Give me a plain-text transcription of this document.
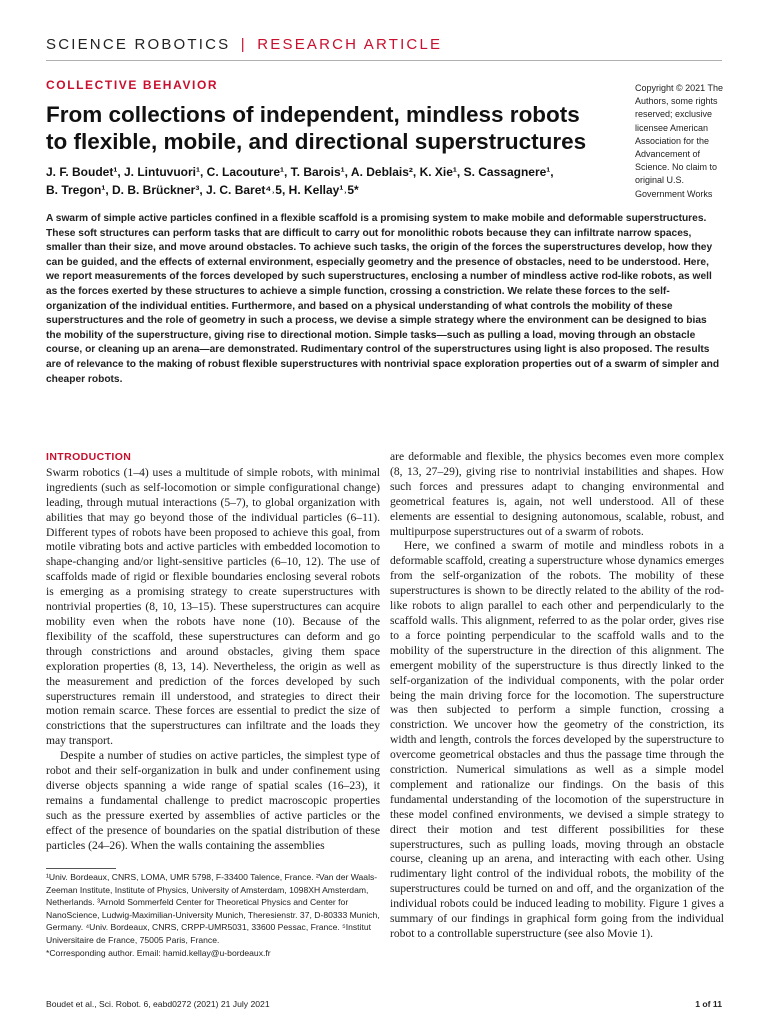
SCIENCE ROBOTICS | RESEARCH ARTICLE
COLLECTIVE BEHAVIOR
From collections of independent, mindless robots to flexible, mobile, and directional superstructures
J. F. Boudet¹, J. Lintuvuori¹, C. Lacouture¹, T. Barois¹, A. Deblais², K. Xie¹, S. Cassagnere¹,
B. Tregon¹, D. B. Brückner³, J. C. Baret⁴˒5, H. Kellay¹˒5*
Copyright © 2021 The Authors, some rights reserved; exclusive licensee American Association for the Advancement of Science. No claim to original U.S. Government Works

A swarm of simple active particles confined in a flexible scaffold is a promising system to make mobile and deformable superstructures. These soft structures can perform tasks that are difficult to carry out for monolithic robots because they can infiltrate narrow spaces, smaller than their size, and move around obstacles. To achieve such tasks, the origin of the forces the superstructures develop, how they can be guided, and the effects of external environment, especially geometry and the presence of obstacles, need to be understood. Here, we report measurements of the forces developed by such superstructures, enclosing a number of mindless active rod-like robots, as well as the forces exerted by these structures to achieve a simple function, crossing a constriction. We relate these forces to the self-organization of the individual entities. Furthermore, and based on a physical understanding of what controls the mobility of these superstructures and the role of geometry in such a process, we devise a simple strategy where the environment can be designed to bias the mobility of the superstructure, giving rise to directional motion. Simple tasks—such as pulling a load, moving through an obstacle course, or cleaning up an arena—are demonstrated. Rudimentary control of the superstructures using light is also proposed. The results are of relevance to the making of robust flexible superstructures with nontrivial space exploration properties out of a swarm of simpler and cheaper robots.

INTRODUCTION

Swarm robotics (1–4) uses a multitude of simple robots, with minimal ingredients (such as self-locomotion or simple configurational change) leading, through mutual interactions (5–7), to global organization with abilities that may go beyond those of the individual particles (6–11). Different types of robots have been proposed to achieve this goal, from motile vibrating bots and active particles with embedded locomotion to shape-changing and/or light-sensitive particles (6–10, 12). The use of scaffolds made of rigid or flexible boundaries enclosing several robots is emerging as a promising strategy to create superstructures with nontrivial properties (8, 10, 13–15). These superstructures can acquire mobility even when the robots have none (10). Because of the flexibility of the scaffold, these superstructures can deform and go through constrictions and around obstacles, giving them space exploration properties (8, 13, 14). Nevertheless, the origin as well as the measurement and prediction of the forces developed by such superstructures remain ill understood, and strategies to direct their motion remain scarce. These forces are essential to predict the size of constrictions that the superstructures can infiltrate and the loads they may transport.

Despite a number of studies on active particles, the simplest type of robot and their self-organization in bulk and under confinement using diverse objects spanning a wide range of spatial scales (16–23), it remains a fundamental challenge to predict macroscopic properties such as the pressure exerted by assemblies of active particles or the effect of the presence of boundaries on the spatial distribution of these particles (24–26). When the walls containing the assemblies

are deformable and flexible, the physics becomes even more complex (8, 13, 27–29), giving rise to nontrivial instabilities and shapes. How such forces and pressures adapt to changing environmental and geometrical features is, again, not well understood. All of these elements are essential to designing autonomous, scalable, robust, and multipurpose superstructures out of a swarm of robots.

Here, we confined a swarm of motile and mindless robots in a deformable scaffold, creating a superstructure whose dynamics emerges from the self-organization of the robots. The mobility of these superstructures is shown to be directly related to the ability of the rod-like robots to align parallel to each other and perpendicularly to the scaffold walls. This alignment, referred to as the polar order, gives rise to a force pointing perpendicular to the scaffold walls and to the mobility of the superstructure in the direction of this alignment. The emergent mobility of the superstructure is thus directly linked to the self-organization of the individual components, with the polar order being the main driving force for the locomotion. The superstructure was then subjected to perform a simple function, crossing a constriction. We uncover how the geometry of the constriction, its width and length, controls the forces developed by the superstructure to overcome geometrical obstacles and thus the passage time through the constriction. Numerical simulations as well as a simple model complement and rationalize our findings. On the basis of this fundamental understanding of the locomotion of the superstructure in these model confined environments, we devised a simple strategy to direct their motion and test different possibilities for these superstructures, such as pulling loads, moving through an obstacle course, cleaning up an arena, and interacting with each other. Using rudimentary light control of the individual robots, the mobility of the superstructures could be turned on and off, and the organization of the individual robots could be induced leading to mobility. Figure 1 gives a summary of our findings in graphical form going from the individual robot to a controllable superstructure (see also Movie 1).

¹Univ. Bordeaux, CNRS, LOMA, UMR 5798, F-33400 Talence, France. ²Van der Waals-Zeeman Institute, Institute of Physics, University of Amsterdam, 1098XH Amsterdam, Netherlands. ³Arnold Sommerfeld Center for Theoretical Physics and Center for NanoScience, Ludwig-Maximilian-University Munich, Theresienstr. 37, D-80333 Munich, Germany. ⁴Univ. Bordeaux, CNRS, CRPP-UMR5031, 33600 Pessac, France. ⁵Institut Universitaire de France, 75005 Paris, France.
*Corresponding author. Email: hamid.kellay@u-bordeaux.fr
Boudet et al., Sci. Robot. 6, eabd0272 (2021) 21 July 2021	1 of 11
